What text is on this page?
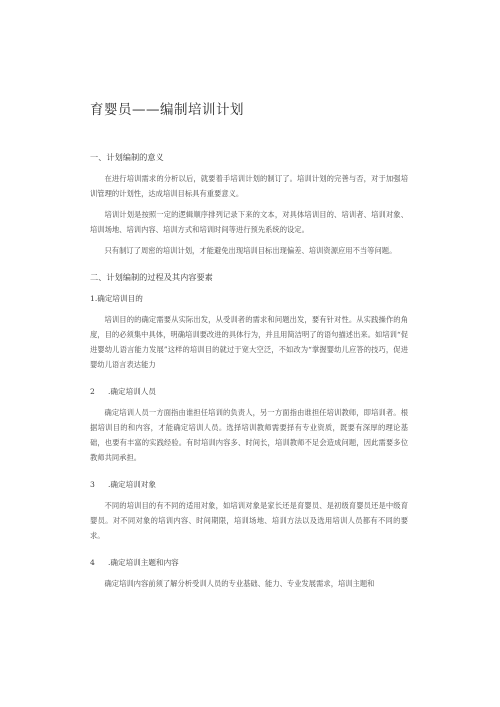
育婴员——编制培训计划
一、计划编制的意义

在进行培训需求的分析以后，就要着手培训计划的制订了。培训计划的完善与否，对于加强培训管理的计划性，达成培训目标具有重要意义。

培训计划是按照一定的逻辑顺序排列记录下来的文本，对具体培训目的、培训者、培训对象、培训场地、培训内容、培训方式和培训时间等进行预先系统的设定。

只有制订了周密的培训计划，才能避免出现培训目标出现偏差、培训资源应用不当等问题。

二、计划编制的过程及其内容要素
1.确定培训目的

培训目的的确定需要从实际出发，从受训者的需求和问题出发，要有针对性。从实践操作的角度，目的必须集中具体，明确培训要改进的具体行为，并且用简洁明了的语句描述出来。如培训“促进婴幼儿语言能力发展”这样的培训目的就过于宽大空泛，不如改为“掌握婴幼儿应答的技巧，促进婴幼儿语言表达能力

2 .确定培训人员

确定培训人员一方面指由谁担任培训的负责人，另一方面指由谁担任培训教师，即培训者。根据培训目的和内容，才能确定培训人员。选择培训教师需要择有专业资质，既要有深厚的理论基础，也要有丰富的实践经验。有时培训内容多、时间长，培训教师不足会造成问题，因此需要多位教师共同承担。

3 .确定培训对象

不同的培训目的有不同的适用对象，如培训对象是家长还是育婴员、是初级育婴员还是中级育婴员。对不同对象的培训内容、时间期限，培训场地、培训方法以及选用培训人员都有不同的要求。

4 .确定培训主题和内容

确定培训内容前须了解分析受训人员的专业基础、能力、专业发展需求，培训主题和
